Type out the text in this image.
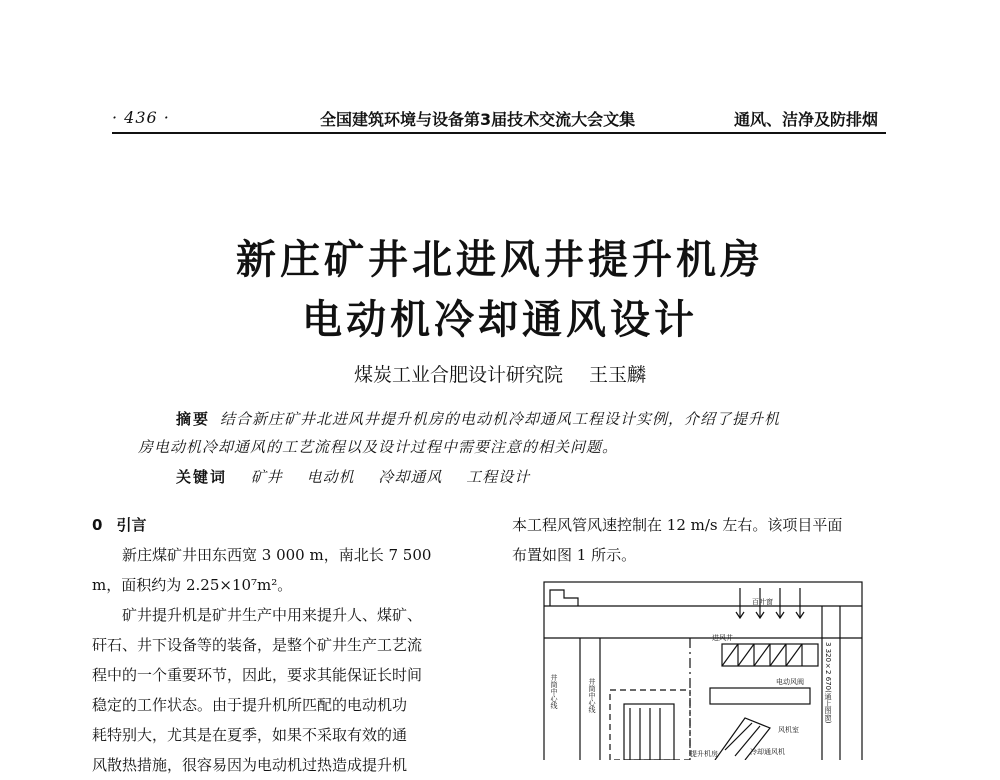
· 436 ·	全国建筑环境与设备第3届技术交流大会文集	通风、洁净及防排烟
新庄矿井北进风井提升机房
电动机冷却通风设计
煤炭工业合肥设计研究院 王玉麟
摘要 结合新庄矿井北进风井提升机房的电动机冷却通风工程设计实例，介绍了提升机
房电动机冷却通风的工艺流程以及设计过程中需要注意的相关问题。
关键词 矿井 电动机 冷却通风 工程设计
0 引言

新庄煤矿井田东西宽 3 000 m，南北长 7 500

m，面积约为 2.25×10⁷m²。

矿井提升机是矿井生产中用来提升人、煤矿、

矸石、井下设备等的装备，是整个矿井生产工艺流

程中的一个重要环节，因此，要求其能保证长时间

稳定的工作状态。由于提升机所匹配的电动机功

耗特别大，尤其是在夏季，如果不采取有效的通

风散热措施，很容易因为电动机过热造成提升机

本工程风管风速控制在 12 m/s 左右。该项目平面

布置如图 1 所示。

百叶窗
进风井
电动风阀
风机室
冷却通风机
提升机房
井筒中心线	井筒中心线	3 320×2 670(通上图窗)
